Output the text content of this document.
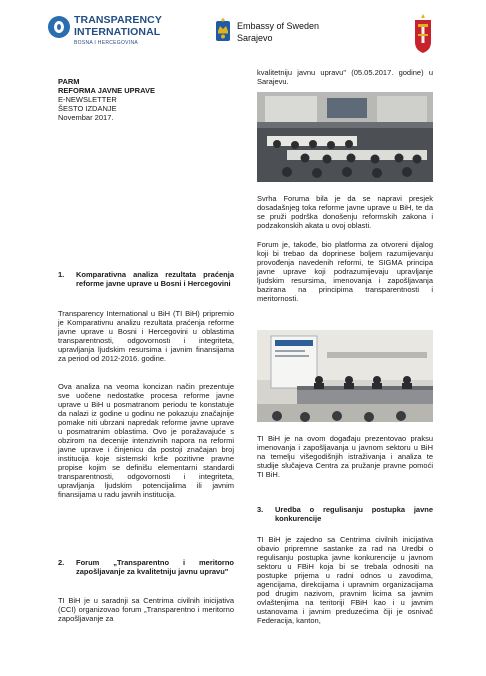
TRANSPARENCY
INTERNATIONAL
BOSNA I HERCEGOVINA
Embassy of Sweden
Sarajevo
PARM
REFORMA JAVNE UPRAVE
E-NEWSLETTER
ŠESTO IZDANJE
Novembar 2017.
1. Komparativna analiza rezultata praćenja reforme javne uprave u Bosni i Hercegovini
Transparency International u BiH (TI BiH) pripremio je Komparativnu analizu rezultata praćenja reforme javne uprave u Bosni i Hercegovini u oblastima transparentnosti, odgovornosti i integriteta, upravljanja ljudskim resursima i javnim finansijama za period od 2012-2016. godine.
Ova analiza na veoma koncizan način prezentuje sve uočene nedostatke procesa reforme javne uprave u BiH u posmatranom periodu te konstatuje da nalazi iz godine u godinu ne pokazuju značajnije pomake niti ubrzani napredak reforme javne uprave u posmatranim oblastima. Ovo je poražavajuće s obzirom na decenije intenzivnih napora na reformi javne uprave i činjenicu da postoji značajan broj institucija koje sistemski kršе pozitivne pravne propise kojim se definišu elementarni standardi transparentnosti, odgovornosti i integriteta, upravljanja ljudskim potencijalima ili javnim finansijama u radu javnih institucija.
2. Forum „Transparentno i meritorno zapošljavanje za kvalitetniju javnu upravu"
TI BiH je u saradnji sa Centrima civilnih inicijativa (CCI) organizovao forum „Transparentno i meritorno zapošljavanje za
kvalitetniju javnu upravu" (05.05.2017. godine) u Sarajevu.
Svrha Foruma bila je da se napravi presjek dosadašnjeg toka reforme javne uprave u BiH, te da se pruži podrška donošenju reformskih zakona i podzakonskih akata u ovoj oblasti.
Forum je, takođe, bio platforma za otvoreni dijalog koji bi trebao da doprinese boljem razumijevanju provođenja navedenih reformi, te SIGMA principa javne uprave koji podrazumijevaju upravljanje ljudskim resursima, imenovanja i zapošljavanja bazirana na principima transparentnosti i meritornosti.
TI BiH je na ovom događaju prezentovao praksu imenovanja i zapošljavanja u javnom sektoru u BiH na temelju višegodišnjih istraživanja i analiza te studije slučajeva Centra za pružanje pravne pomoći TI BiH.
3. Uredba o regulisanju postupka javne konkurencije
TI BiH je zajedno sa Centrima civilnih inicijativa obavio pripremne sastanke za rad na Uredbi o regulisanju postupka javne konkurencije u javnom sektoru u FBiH koja bi se trebala odnositi na postupke prijema u radni odnos u zavodima, agencijama, direkcijama i upravnim organizacijama pod drugim nazivom, pravnim licima sa javnim ovlaštenjima na teritoriji FBiH kao i u javnim ustanovama i javnim preduzećima čiji je osnivač Federacija, kanton,
